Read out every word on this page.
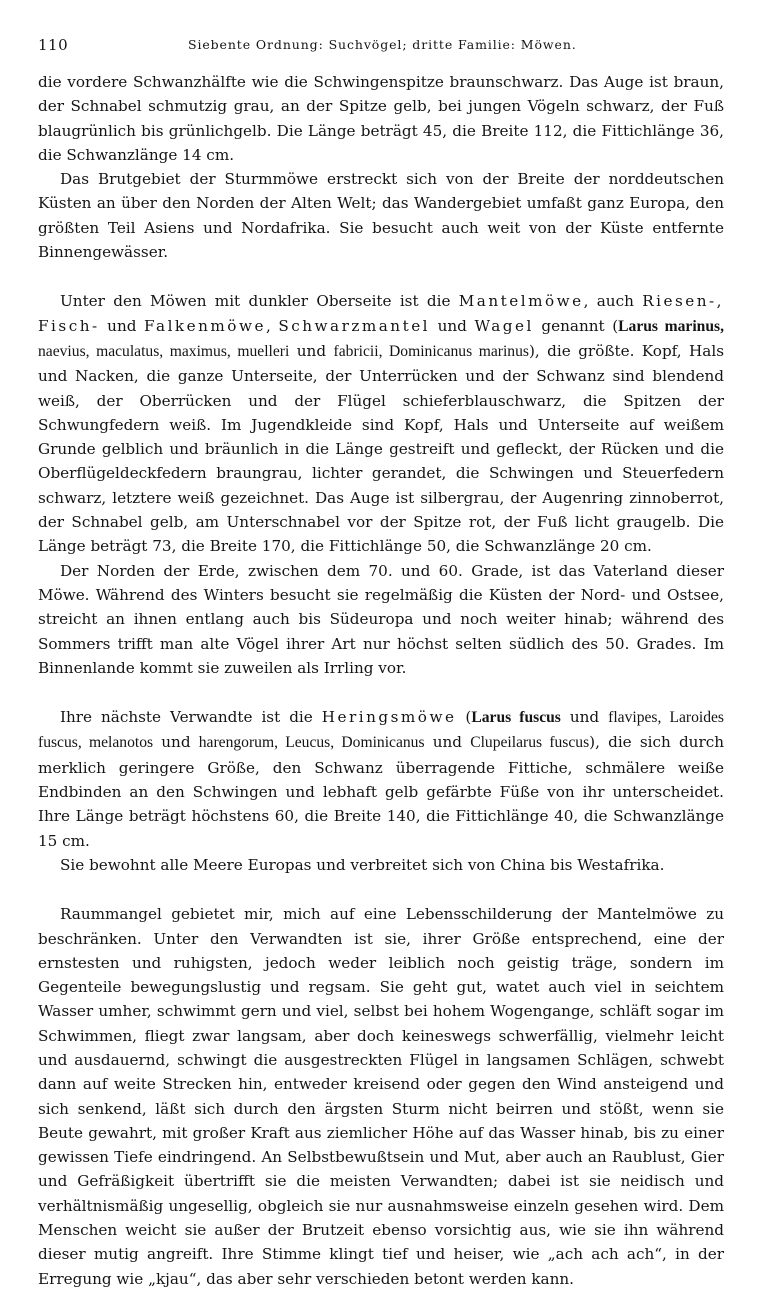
110	Siebente Ordnung: Suchvögel; dritte Familie: Möwen.

die vordere Schwanzhälfte wie die Schwingenspitze braunschwarz. Das Auge ist braun, der Schnabel schmutzig grau, an der Spitze gelb, bei jungen Vögeln schwarz, der Fuß blaugrünlich bis grünlichgelb. Die Länge beträgt 45, die Breite 112, die Fittichlänge 36, die Schwanzlänge 14 cm.

Das Brutgebiet der Sturmmöwe erstreckt sich von der Breite der norddeutschen Küsten an über den Norden der Alten Welt; das Wandergebiet umfaßt ganz Europa, den größten Teil Asiens und Nordafrika. Sie besucht auch weit von der Küste entfernte Binnengewässer.

Unter den Möwen mit dunkler Oberseite ist die Mantelmöwe, auch Riesen-, Fisch- und Falkenmöwe, Schwarzmantel und Wagel genannt (Larus marinus, naevius, maculatus, maximus, muelleri und fabricii, Dominicanus marinus), die größte. Kopf, Hals und Nacken, die ganze Unterseite, der Unterrücken und der Schwanz sind blendend weiß, der Oberrücken und der Flügel schieferblauschwarz, die Spitzen der Schwungfedern weiß. Im Jugendkleide sind Kopf, Hals und Unterseite auf weißem Grunde gelblich und bräunlich in die Länge gestreift und gefleckt, der Rücken und die Oberflügeldeckfedern braungrau, lichter gerandet, die Schwingen und Steuerfedern schwarz, letztere weiß gezeichnet. Das Auge ist silbergrau, der Augenring zinnoberrot, der Schnabel gelb, am Unterschnabel vor der Spitze rot, der Fuß licht graugelb. Die Länge beträgt 73, die Breite 170, die Fittichlänge 50, die Schwanzlänge 20 cm.

Der Norden der Erde, zwischen dem 70. und 60. Grade, ist das Vaterland dieser Möwe. Während des Winters besucht sie regelmäßig die Küsten der Nord- und Ostsee, streicht an ihnen entlang auch bis Südeuropa und noch weiter hinab; während des Sommers trifft man alte Vögel ihrer Art nur höchst selten südlich des 50. Grades. Im Binnenlande kommt sie zuweilen als Irrling vor.

Ihre nächste Verwandte ist die Heringsmöwe (Larus fuscus und flavipes, Laroides fuscus, melanotos und harengorum, Leucus, Dominicanus und Clupeilarus fuscus), die sich durch merklich geringere Größe, den Schwanz überragende Fittiche, schmälere weiße Endbinden an den Schwingen und lebhaft gelb gefärbte Füße von ihr unterscheidet. Ihre Länge beträgt höchstens 60, die Breite 140, die Fittichlänge 40, die Schwanzlänge 15 cm.

Sie bewohnt alle Meere Europas und verbreitet sich von China bis Westafrika.

Raummangel gebietet mir, mich auf eine Lebensschilderung der Mantelmöwe zu beschränken. Unter den Verwandten ist sie, ihrer Größe entsprechend, eine der ernstesten und ruhigsten, jedoch weder leiblich noch geistig träge, sondern im Gegenteile bewegungslustig und regsam. Sie geht gut, watet auch viel in seichtem Wasser umher, schwimmt gern und viel, selbst bei hohem Wogengange, schläft sogar im Schwimmen, fliegt zwar langsam, aber doch keineswegs schwerfällig, vielmehr leicht und ausdauernd, schwingt die ausgestreckten Flügel in langsamen Schlägen, schwebt dann auf weite Strecken hin, entweder kreisend oder gegen den Wind ansteigend und sich senkend, läßt sich durch den ärgsten Sturm nicht beirren und stößt, wenn sie Beute gewahrt, mit großer Kraft aus ziemlicher Höhe auf das Wasser hinab, bis zu einer gewissen Tiefe eindringend. An Selbstbewußtsein und Mut, aber auch an Raublust, Gier und Gefräßigkeit übertrifft sie die meisten Verwandten; dabei ist sie neidisch und verhältnismäßig ungesellig, obgleich sie nur ausnahmsweise einzeln gesehen wird. Dem Menschen weicht sie außer der Brutzeit ebenso vorsichtig aus, wie sie ihn während dieser mutig angreift. Ihre Stimme klingt tief und heiser, wie „ach ach ach“, in der Erregung wie „kjau“, das aber sehr verschieden betont werden kann.
